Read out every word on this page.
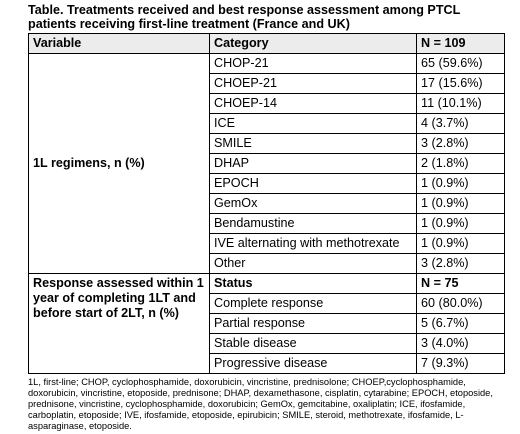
Table. Treatments received and best response assessment among PTCL patients receiving first-line treatment (France and UK)
Variable	Category	N = 109
1L regimens, n (%)	CHOP-21	65 (59.6%)
	CHOEP-21	17 (15.6%)
	CHOEP-14	11 (10.1%)
	ICE	4 (3.7%)
	SMILE	3 (2.8%)
	DHAP	2 (1.8%)
	EPOCH	1 (0.9%)
	GemOx	1 (0.9%)
	Bendamustine	1 (0.9%)
	IVE alternating with methotrexate	1 (0.9%)
	Other	3 (2.8%)
Response assessed within 1 year of completing 1LT and before start of 2LT, n (%)	Status	N = 75
	Complete response	60 (80.0%)
	Partial response	5 (6.7%)
	Stable disease	3 (4.0%)
	Progressive disease	7 (9.3%)
1L, first-line; CHOP, cyclophosphamide, doxorubicin, vincristine, prednisolone; CHOEP,cyclophosphamide, doxorubicin, vincristine, etoposide, prednisone; DHAP, dexamethasone, cisplatin, cytarabine; EPOCH, etoposide, prednisone, vincristine, cyclophosphamide, doxorubicin; GemOx, gemcitabine, oxaliplatin; ICE, ifosfamide, carboplatin, etoposide; IVE, ifosfamide, etoposide, epirubicin; SMILE, steroid, methotrexate, ifosfamide, L-asparaginase, etoposide.
